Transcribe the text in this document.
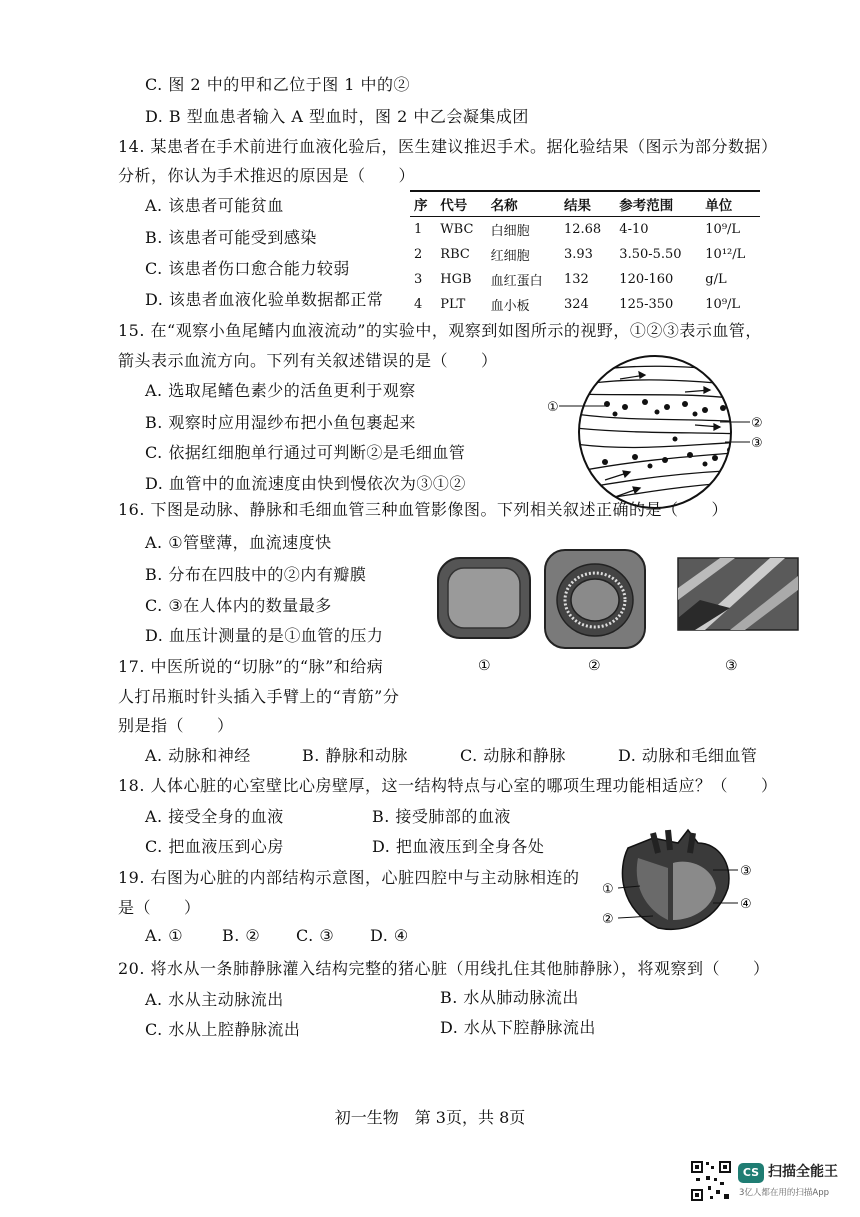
C. 图 2 中的甲和乙位于图 1 中的②
D. B 型血患者输入 A 型血时，图 2 中乙会凝集成团
14. 某患者在手术前进行血液化验后，医生建议推迟手术。据化验结果（图示为部分数据）
分析，你认为手术推迟的原因是（　　）
A. 该患者可能贫血
B. 该患者可能受到感染
C. 该患者伤口愈合能力较弱
D. 该患者血液化验单数据都正常
序	代号	名称	结果	参考范围	单位
1	WBC	白细胞	12.68	4-10	10⁹/L
2	RBC	红细胞	3.93	3.50-5.50	10¹²/L
3	HGB	血红蛋白	132	120-160	g/L
4	PLT	血小板	324	125-350	10⁹/L
15. 在“观察小鱼尾鳍内血液流动”的实验中，观察到如图所示的视野，①②③表示血管，
箭头表示血流方向。下列有关叙述错误的是（　　）
A. 选取尾鳍色素少的活鱼更利于观察
B. 观察时应用湿纱布把小鱼包裹起来
C. 依据红细胞单行通过可判断②是毛细血管
D. 血管中的血流速度由快到慢依次为③①②
①
②
③
16. 下图是动脉、静脉和毛细血管三种血管影像图。下列相关叙述正确的是（　　）
A. ①管壁薄，血流速度快
B. 分布在四肢中的②内有瓣膜
C. ③在人体内的数量最多
D. 血压计测量的是①血管的压力
①	②	③
17. 中医所说的“切脉”的“脉”和给病
人打吊瓶时针头插入手臂上的“青筋”分
别是指（　　）
A. 动脉和神经	B. 静脉和动脉	C. 动脉和静脉	D. 动脉和毛细血管
18. 人体心脏的心室壁比心房壁厚，这一结构特点与心室的哪项生理功能相适应？（　　）
A. 接受全身的血液	B. 接受肺部的血液
C. 把血液压到心房	D. 把血液压到全身各处
①
②
③
④
19. 右图为心脏的内部结构示意图，心脏四腔中与主动脉相连的
是（　　）
A. ① B. ② C. ③ D. ④
20. 将水从一条肺静脉灌入结构完整的猪心脏（用线扎住其他肺静脉），将观察到（　　）
A. 水从主动脉流出	B. 水从肺动脉流出
C. 水从上腔静脉流出	D. 水从下腔静脉流出
初一生物　第 3页，共 8页
CS 扫描全能王
3亿人都在用的扫描App
